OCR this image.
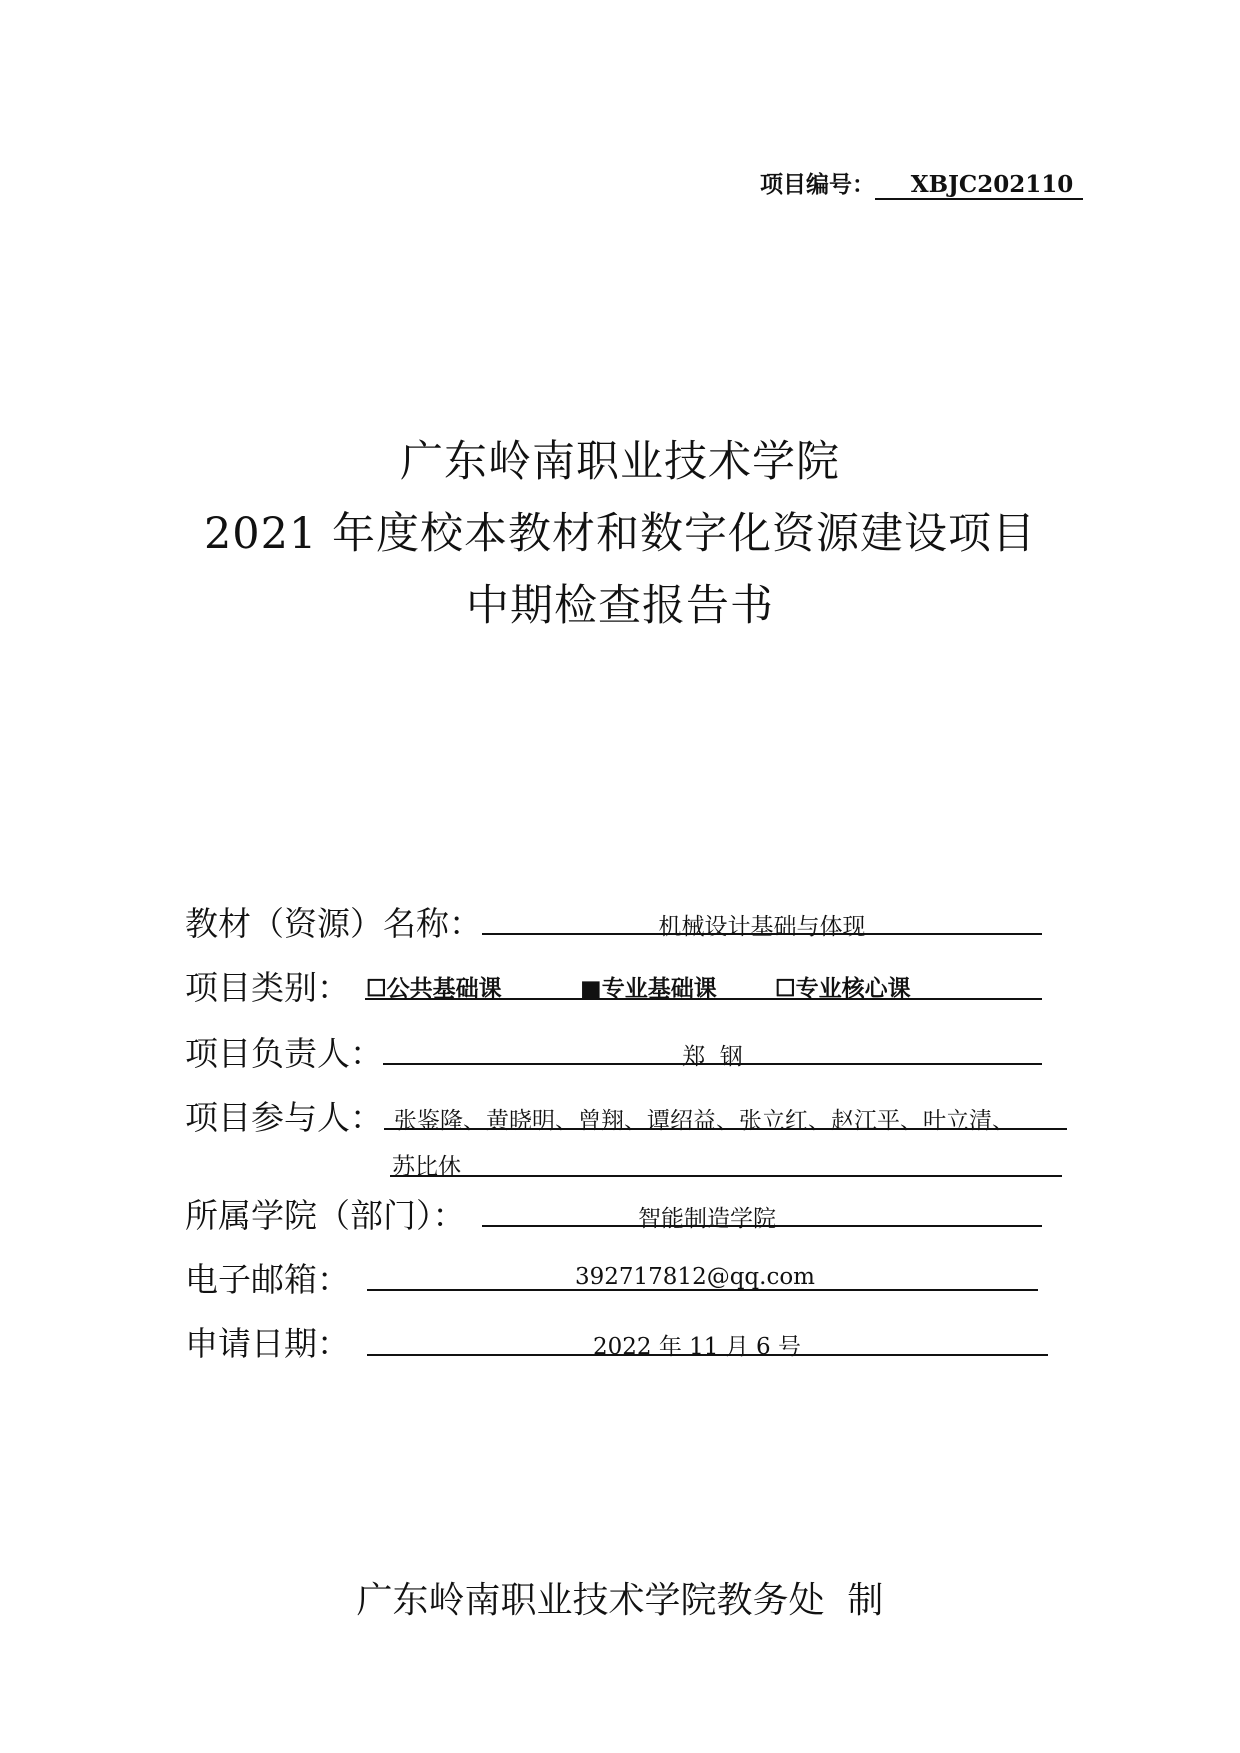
项目编号： XBJC202110
广东岭南职业技术学院
2021 年度校本教材和数字化资源建设项目
中期检查报告书
教材（资源）名称：	机械设计基础与体现
项目类别： ☐公共基础课	■专业基础课	☐专业核心课
项目负责人：	郑  钢
项目参与人： 张鉴隆、黄晓明、曾翔、谭绍益、张立红、赵江平、叶立清、
苏比休
所属学院（部门）：	智能制造学院
电子邮箱：	392717812@qq.com
申请日期：	2022 年 11 月 6 号
广东岭南职业技术学院教务处  制
